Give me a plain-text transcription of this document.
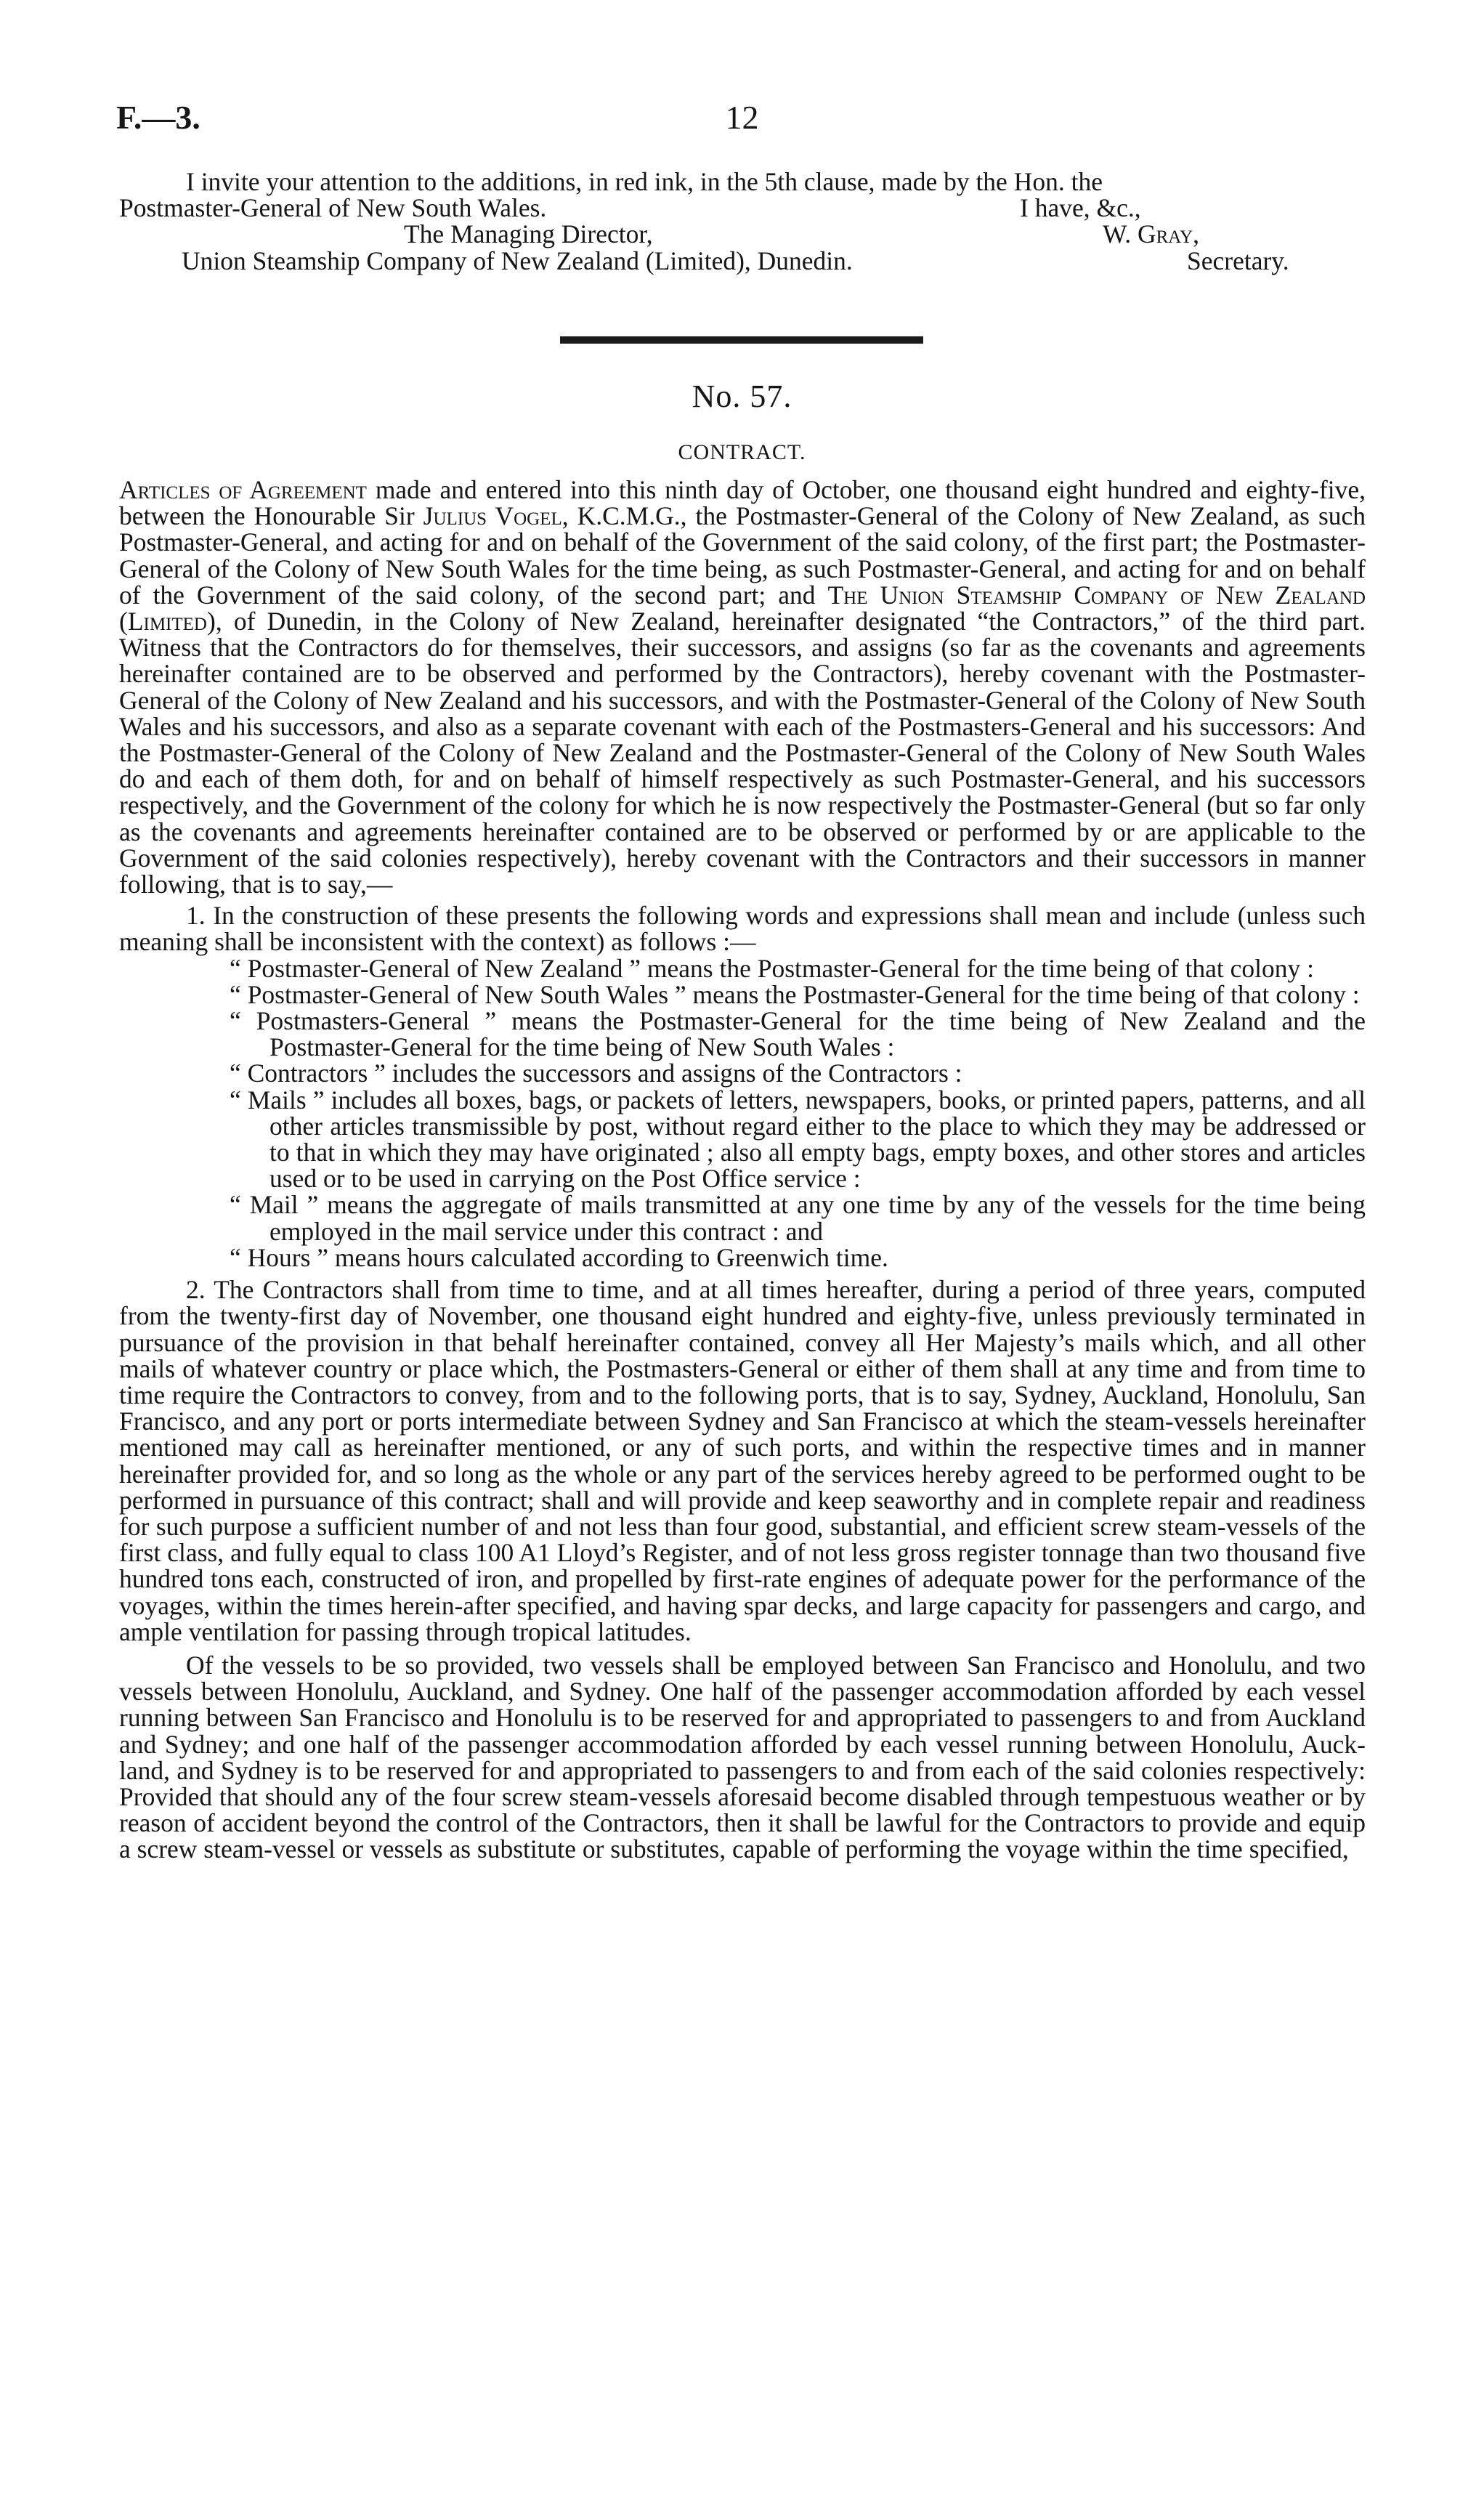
F.—3.	12
I invite your attention to the additions, in red ink, in the 5th clause, made by the Hon. the
Postmaster-General of New South Wales.	I have, &c.,
The Managing Director,	W. Gray,
Union Steamship Company of New Zealand (Limited), Dunedin.	Secretary.
No. 57.
CONTRACT.

Articles of Agreement made and entered into this ninth day of October, one thousand eight hundred and eighty-five, between the Honourable Sir Julius Vogel, K.C.M.G., the Postmaster-General of the Colony of New Zealand, as such Postmaster-General, and acting for and on behalf of the Government of the said colony, of the first part; the Postmaster-General of the Colony of New South Wales for the time being, as such Postmaster-General, and acting for and on behalf of the Government of the said colony, of the second part; and The Union Steamship Company of New Zealand (Limited), of Dunedin, in the Colony of New Zealand, hereinafter designated “the Contractors,” of the third part. Witness that the Contractors do for themselves, their successors, and assigns (so far as the covenants and agreements hereinafter contained are to be observed and performed by the Contractors), hereby covenant with the Postmaster-General of the Colony of New Zealand and his successors, and with the Postmaster-General of the Colony of New South Wales and his successors, and also as a separate covenant with each of the Postmasters-General and his successors: And the Postmaster-General of the Colony of New Zealand and the Postmaster-General of the Colony of New South Wales do and each of them doth, for and on behalf of himself respectively as such Postmaster-General, and his successors respectively, and the Government of the colony for which he is now respectively the Postmaster-General (but so far only as the covenants and agreements hereinafter contained are to be observed or performed by or are applicable to the Government of the said colonies respectively), hereby covenant with the Contractors and their successors in manner following, that is to say,—

1. In the construction of these presents the following words and expressions shall mean and include (unless such meaning shall be inconsistent with the context) as follows :—

“ Postmaster-General of New Zealand ” means the Postmaster-General for the time being of that colony :

“ Postmaster-General of New South Wales ” means the Postmaster-General for the time being of that colony :

“ Postmasters-General ” means the Postmaster-General for the time being of New Zealand and the Postmaster-General for the time being of New South Wales :

“ Contractors ” includes the successors and assigns of the Contractors :

“ Mails ” includes all boxes, bags, or packets of letters, newspapers, books, or printed papers, patterns, and all other articles transmissible by post, without regard either to the place to which they may be addressed or to that in which they may have originated ; also all empty bags, empty boxes, and other stores and articles used or to be used in carrying on the Post Office service :

“ Mail ” means the aggregate of mails transmitted at any one time by any of the vessels for the time being employed in the mail service under this contract : and

“ Hours ” means hours calculated according to Greenwich time.

2. The Contractors shall from time to time, and at all times hereafter, during a period of three years, computed from the twenty-first day of November, one thousand eight hundred and eighty-five, unless previously terminated in pursuance of the provision in that behalf hereinafter contained, convey all Her Majesty’s mails which, and all other mails of whatever country or place which, the Postmasters-General or either of them shall at any time and from time to time require the Contractors to convey, from and to the following ports, that is to say, Sydney, Auckland, Honolulu, San Francisco, and any port or ports intermediate between Sydney and San Francisco at which the steam-vessels hereinafter mentioned may call as hereinafter mentioned, or any of such ports, and within the respective times and in manner hereinafter provided for, and so long as the whole or any part of the services hereby agreed to be performed ought to be performed in pursuance of this contract; shall and will provide and keep seaworthy and in complete repair and readiness for such purpose a sufficient number of and not less than four good, substantial, and efficient screw steam-vessels of the first class, and fully equal to class 100 A1 Lloyd’s Register, and of not less gross register tonnage than two thousand five hundred tons each, constructed of iron, and propelled by first-rate engines of adequate power for the performance of the voyages, within the times herein-after specified, and having spar decks, and large capacity for passengers and cargo, and ample ventilation for passing through tropical latitudes.

Of the vessels to be so provided, two vessels shall be employed between San Francisco and Honolulu, and two vessels between Honolulu, Auckland, and Sydney. One half of the passenger accommodation afforded by each vessel running between San Francisco and Honolulu is to be reserved for and appropriated to passengers to and from Auckland and Sydney; and one half of the passenger accommodation afforded by each vessel running between Honolulu, Auck-land, and Sydney is to be reserved for and appropriated to passengers to and from each of the said colonies respectively: Provided that should any of the four screw steam-vessels aforesaid become disabled through tempestuous weather or by reason of accident beyond the control of the Contractors, then it shall be lawful for the Contractors to provide and equip a screw steam-vessel or vessels as substitute or substitutes, capable of performing the voyage within the time specified,
